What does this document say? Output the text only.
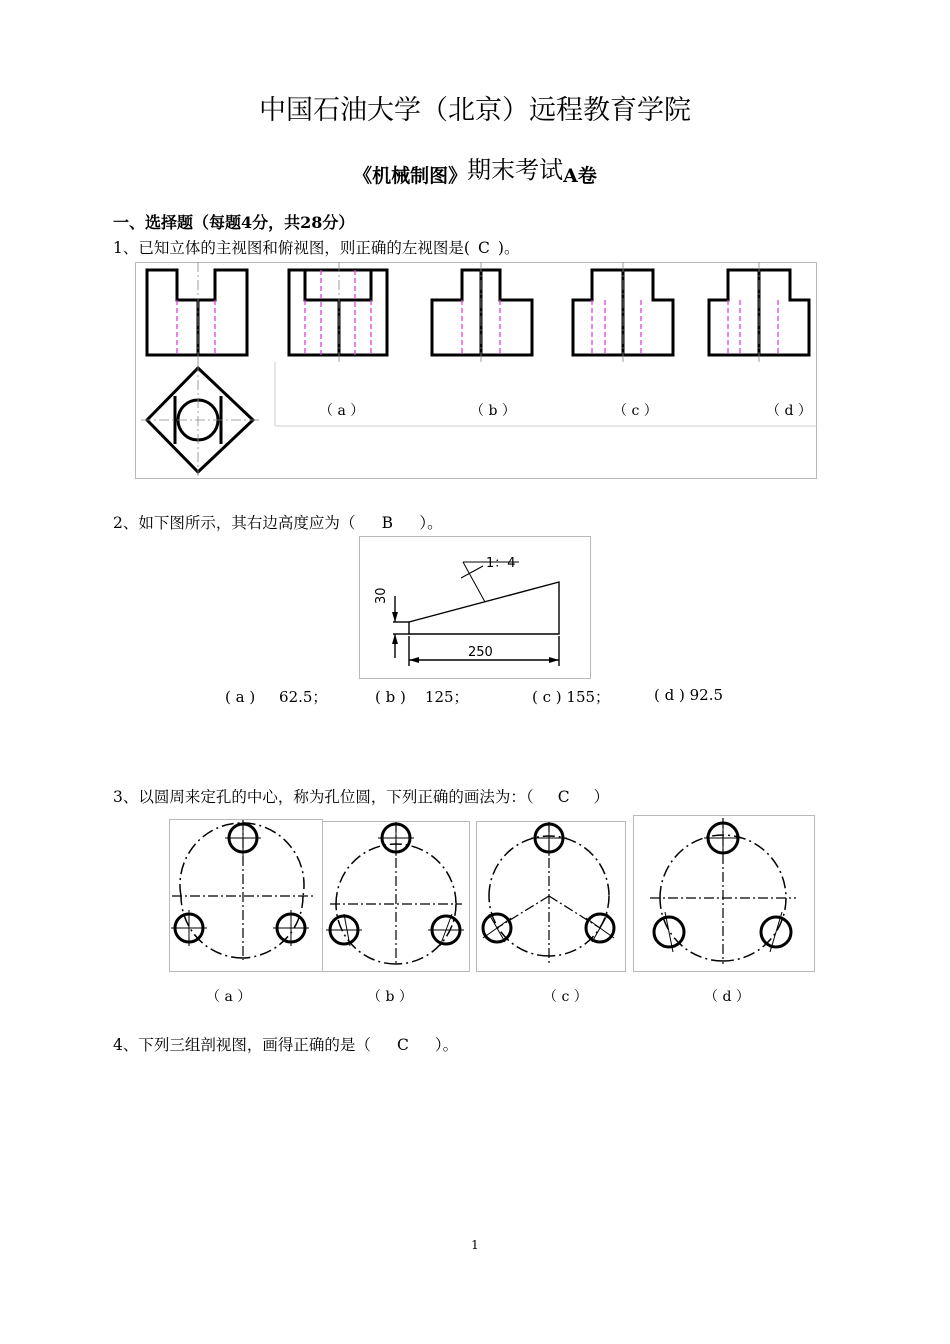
中国石油大学（北京）远程教育学院
《机械制图》期末考试A卷
一、选择题（每题4分，共28分）
1、已知立体的主视图和俯视图，则正确的左视图是( C )。
（ a ）	（ b ）	（ c ）	（ d ）
2、如下图所示，其右边高度应为（ B ）。
1：4
30
250
( a )     62.5；	( b )    125；	( c ) 155；	( d ) 92.5
3、以圆周来定孔的中心，称为孔位圆，下列正确的画法为：（ C ）
（ a ）	（ b ）	（ c ）	（ d ）
4、下列三组剖视图，画得正确的是（ C ）。
1
